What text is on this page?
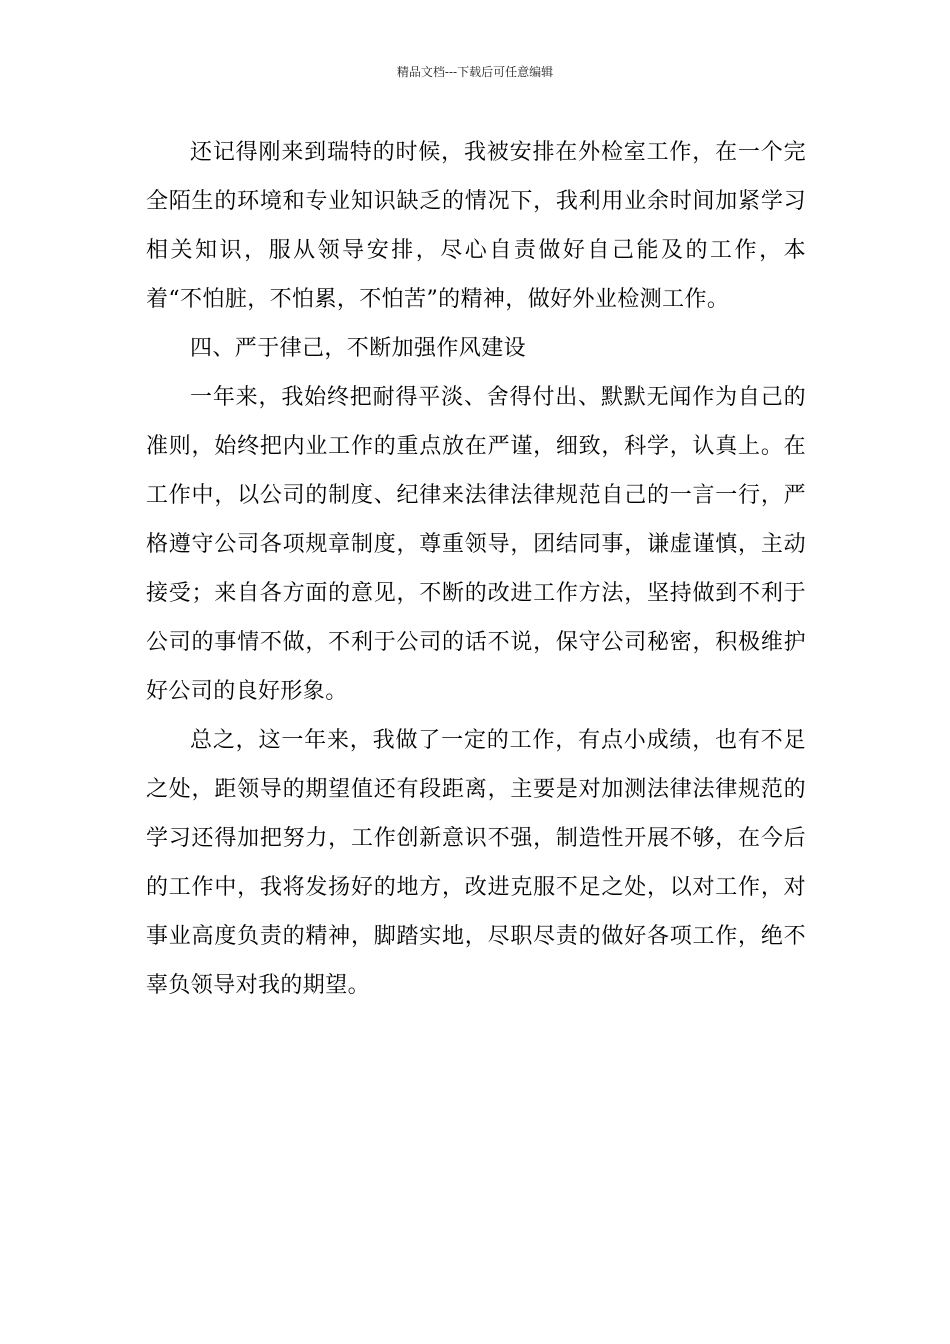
精品文档---下载后可任意编辑

还记得刚来到瑞特的时候，我被安排在外检室工作，在一个完全陌生的环境和专业知识缺乏的情况下，我利用业余时间加紧学习相关知识，服从领导安排，尽心自责做好自己能及的工作，本着“不怕脏，不怕累，不怕苦”的精神，做好外业检测工作。

四、严于律己，不断加强作风建设

一年来，我始终把耐得平淡、舍得付出、默默无闻作为自己的准则，始终把内业工作的重点放在严谨，细致，科学，认真上。在工作中，以公司的制度、纪律来法律法律规范自己的一言一行，严格遵守公司各项规章制度，尊重领导，团结同事，谦虚谨慎，主动接受；来自各方面的意见，不断的改进工作方法，坚持做到不利于公司的事情不做，不利于公司的话不说，保守公司秘密，积极维护好公司的良好形象。

总之，这一年来，我做了一定的工作，有点小成绩，也有不足之处，距领导的期望值还有段距离，主要是对加测法律法律规范的学习还得加把努力，工作创新意识不强，制造性开展不够，在今后的工作中，我将发扬好的地方，改进克服不足之处，以对工作，对事业高度负责的精神，脚踏实地，尽职尽责的做好各项工作，绝不辜负领导对我的期望。
